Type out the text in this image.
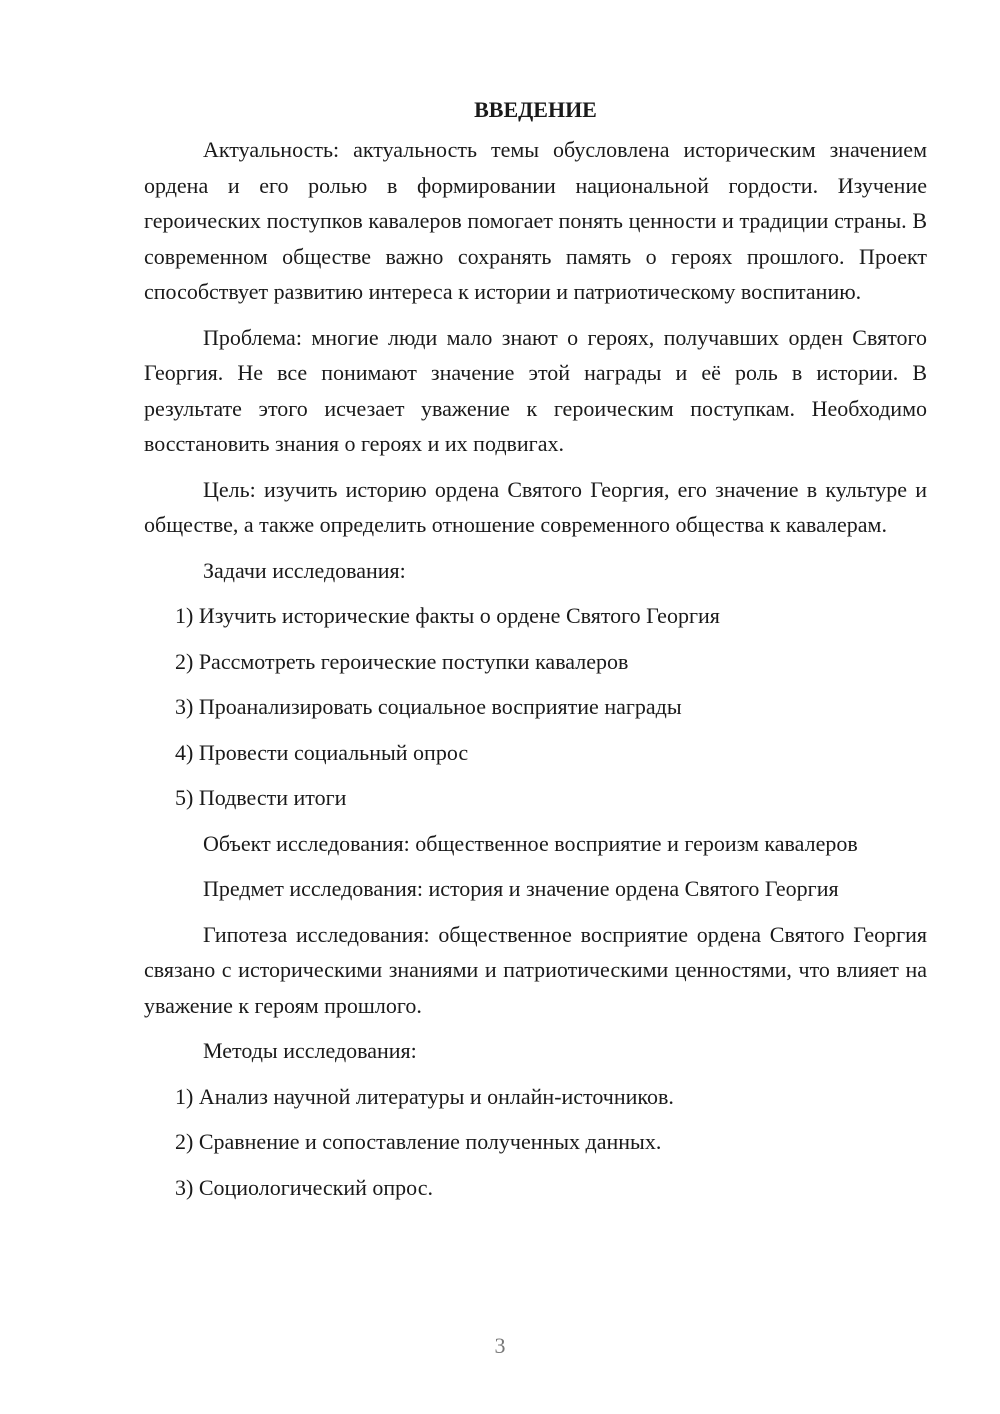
ВВЕДЕНИЕ

Актуальность: актуальность темы обусловлена историческим значением ордена и его ролью в формировании национальной гордости. Изучение героических поступков кавалеров помогает понять ценности и традиции страны. В современном обществе важно сохранять память о героях прошлого. Проект способствует развитию интереса к истории и патриотическому воспитанию.

Проблема: многие люди мало знают о героях, получавших орден Святого Георгия. Не все понимают значение этой награды и её роль в истории. В результате этого исчезает уважение к героическим поступкам. Необходимо восстановить знания о героях и их подвигах.

Цель: изучить историю ордена Святого Георгия, его значение в культуре и обществе, а также определить отношение современного общества к кавалерам.

Задачи исследования:
1) Изучить исторические факты о ордене Святого Георгия
2) Рассмотреть героические поступки кавалеров
3) Проанализировать социальное восприятие награды
4) Провести социальный опрос
5) Подвести итоги

Объект исследования: общественное восприятие и героизм кавалеров

Предмет исследования: история и значение ордена Святого Георгия

Гипотеза исследования: общественное восприятие ордена Святого Георгия связано с историческими знаниями и патриотическими ценностями, что влияет на уважение к героям прошлого.

Методы исследования:
1) Анализ научной литературы и онлайн-источников.
2) Сравнение и сопоставление полученных данных.
3) Социологический опрос.
3
